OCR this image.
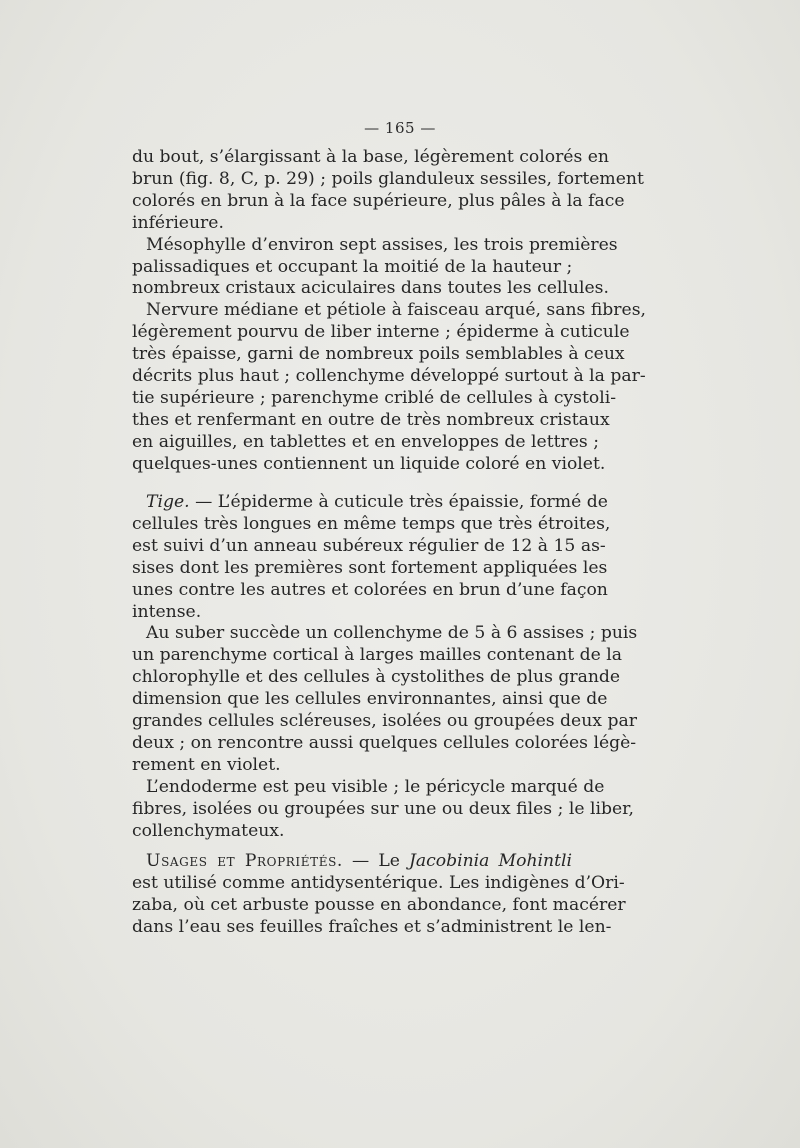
— 165 —
du bout, s’élargissant à la base, légèrement colorés en
brun (fig. 8, C, p. 29) ; poils glanduleux sessiles, fortement
colorés en brun à la face supérieure, plus pâles à la face
inférieure.
Mésophylle d’environ sept assises, les trois premières
palissadiques et occupant la moitié de la hauteur ;
nombreux cristaux aciculaires dans toutes les cellules.
Nervure médiane et pétiole à faisceau arqué, sans fibres,
légèrement pourvu de liber interne ; épiderme à cuticule
très épaisse, garni de nombreux poils semblables à ceux
décrits plus haut ; collenchyme développé surtout à la par-
tie supérieure ; parenchyme criblé de cellules à cystoli-
thes et renfermant en outre de très nombreux cristaux
en aiguilles, en tablettes et en enveloppes de lettres ;
quelques-unes contiennent un liquide coloré en violet.
Tige. — L’épiderme à cuticule très épaissie, formé de
cellules très longues en même temps que très étroites,
est suivi d’un anneau subéreux régulier de 12 à 15 as-
sises dont les premières sont fortement appliquées les
unes contre les autres et colorées en brun d’une façon
intense.
Au suber succède un collenchyme de 5 à 6 assises ; puis
un parenchyme cortical à larges mailles contenant de la
chlorophylle et des cellules à cystolithes de plus grande
dimension que les cellules environnantes, ainsi que de
grandes cellules scléreuses, isolées ou groupées deux par
deux ; on rencontre aussi quelques cellules colorées légè-
rement en violet.
L’endoderme est peu visible ; le péricycle marqué de
fibres, isolées ou groupées sur une ou deux files ; le liber,
collenchymateux.
Usages et Propriétés. — Le Jacobinia Mohintli
est utilisé comme antidysentérique. Les indigènes d’Ori-
zaba, où cet arbuste pousse en abondance, font macérer
dans l’eau ses feuilles fraîches et s’administrent le len-
